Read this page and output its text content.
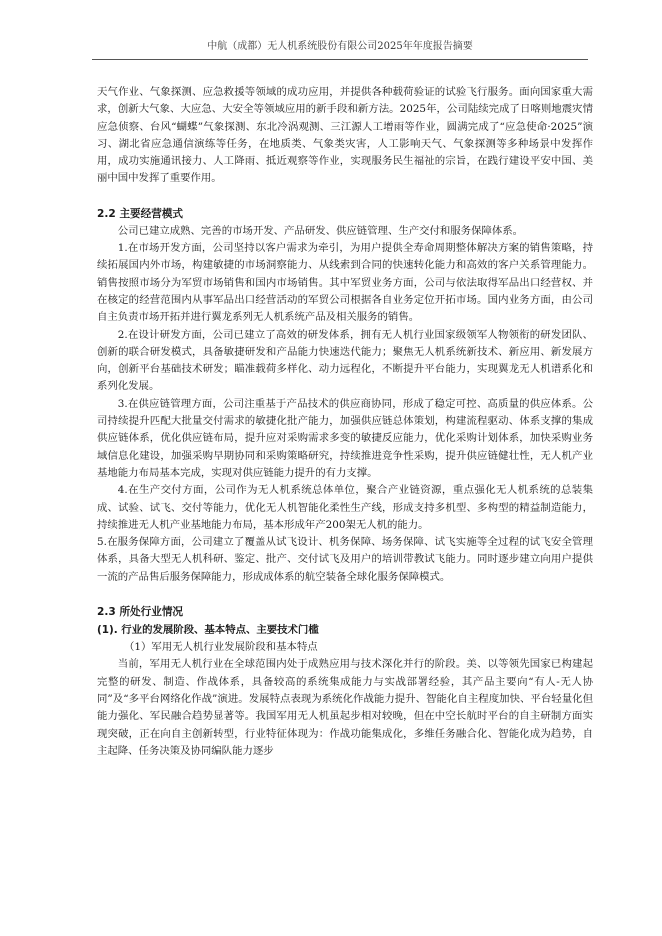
中航（成都）无人机系统股份有限公司2025年年度报告摘要

天气作业、气象探测、应急救援等领域的成功应用，并提供各种载荷验证的试验飞行服务。面向国家重大需求，创新大气象、大应急、大安全等领域应用的新手段和新方法。2025年，公司陆续完成了日喀则地震灾情应急侦察、台风“蝴蝶”气象探测、东北冷涡观测、三江源人工增雨等作业，圆满完成了“应急使命·2025”演习、湖北省应急通信演练等任务，在地质类、气象类灾害，人工影响天气、气象探测等多种场景中发挥作用，成功实施通讯接力、人工降雨、抵近观察等作业，实现服务民生福祉的宗旨，在践行建设平安中国、美丽中国中发挥了重要作用。

2.2 主要经营模式

公司已建立成熟、完善的市场开发、产品研发、供应链管理、生产交付和服务保障体系。

1.在市场开发方面，公司坚持以客户需求为牵引，为用户提供全寿命周期整体解决方案的销售策略，持续拓展国内外市场，构建敏捷的市场洞察能力、从线索到合同的快速转化能力和高效的客户关系管理能力。销售按照市场分为军贸市场销售和国内市场销售。其中军贸业务方面，公司与依法取得军品出口经营权、并在核定的经营范围内从事军品出口经营活动的军贸公司根据各自业务定位开拓市场。国内业务方面，由公司自主负责市场开拓并进行翼龙系列无人机系统产品及相关服务的销售。

2.在设计研发方面，公司已建立了高效的研发体系，拥有无人机行业国家级领军人物领衔的研发团队、创新的联合研发模式，具备敏捷研发和产品能力快速迭代能力；聚焦无人机系统新技术、新应用、新发展方向，创新平台基础技术研发；瞄准载荷多样化、动力远程化，不断提升平台能力，实现翼龙无人机谱系化和系列化发展。

3.在供应链管理方面，公司注重基于产品技术的供应商协同，形成了稳定可控、高质量的供应体系。公司持续提升匹配大批量交付需求的敏捷化批产能力，加强供应链总体策划，构建流程驱动、体系支撑的集成供应链体系，优化供应链布局，提升应对采购需求多变的敏捷反应能力，优化采购计划体系，加快采购业务域信息化建设，加强采购早期协同和采购策略研究，持续推进竞争性采购，提升供应链健壮性，无人机产业基地能力布局基本完成，实现对供应链能力提升的有力支撑。

4.在生产交付方面，公司作为无人机系统总体单位，聚合产业链资源，重点强化无人机系统的总装集成、试验、试飞、交付等能力，优化无人机智能化柔性生产线，形成支持多机型、多构型的精益制造能力，持续推进无人机产业基地能力布局，基本形成年产200架无人机的能力。

5.在服务保障方面，公司建立了覆盖从试飞设计、机务保障、场务保障、试飞实施等全过程的试飞安全管理体系，具备大型无人机科研、鉴定、批产、交付试飞及用户的培训带教试飞能力。同时逐步建立向用户提供一流的产品售后服务保障能力，形成成体系的航空装备全球化服务保障模式。

2.3 所处行业情况

(1). 行业的发展阶段、基本特点、主要技术门槛

（1）军用无人机行业发展阶段和基本特点

当前，军用无人机行业在全球范围内处于成熟应用与技术深化并行的阶段。美、以等领先国家已构建起完整的研发、制造、作战体系，具备较高的系统集成能力与实战部署经验，其产品主要向“有人-无人协同”及“多平台网络化作战”演进。发展特点表现为系统化作战能力提升、智能化自主程度加快、平台轻量化但能力强化、军民融合趋势显著等。我国军用无人机虽起步相对较晚，但在中空长航时平台的自主研制方面实现突破，正在向自主创新转型，行业特征体现为：作战功能集成化，多维任务融合化、智能化成为趋势，自主起降、任务决策及协同编队能力逐步
